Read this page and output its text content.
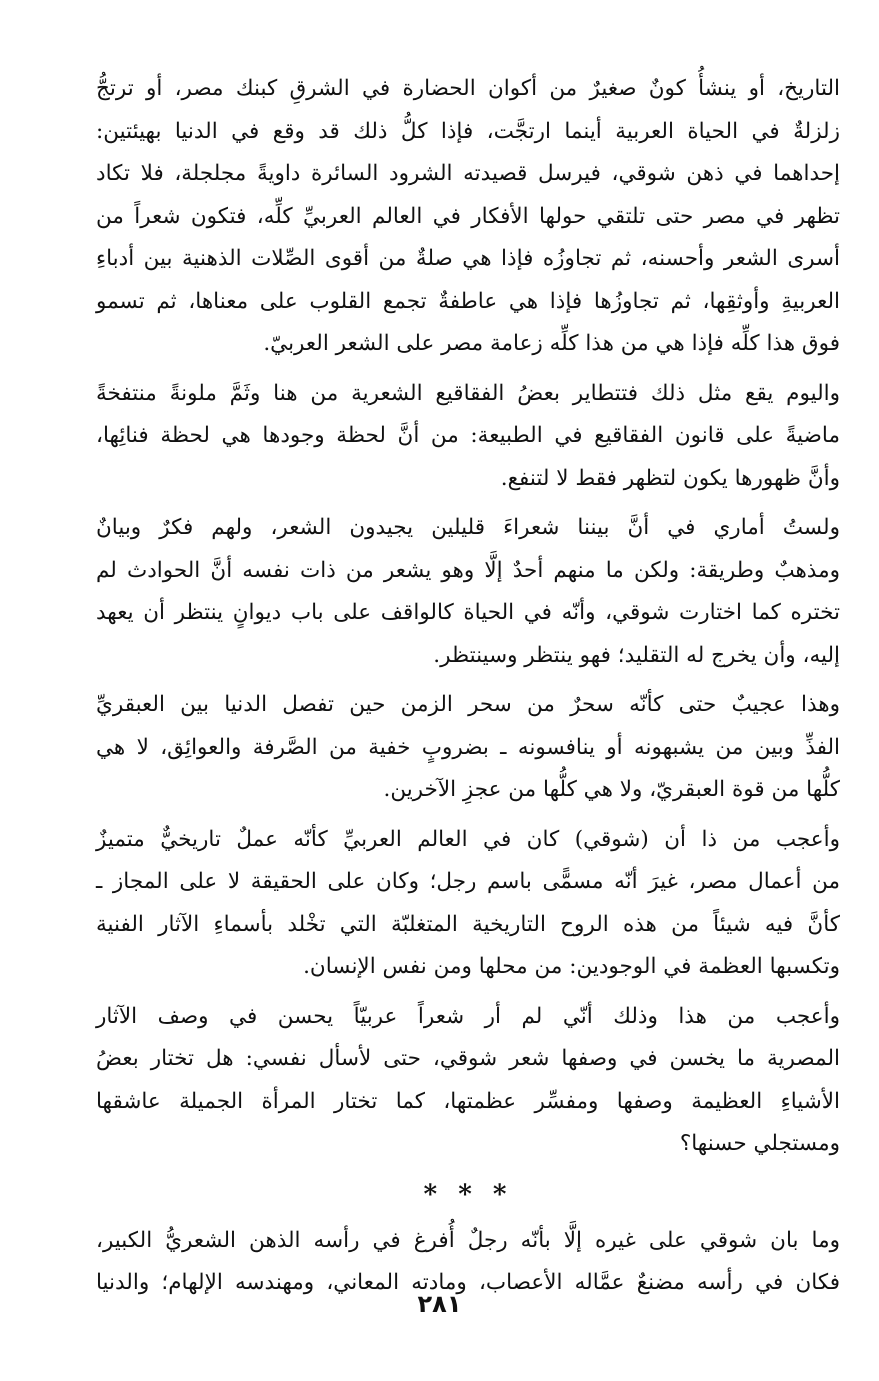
التاريخ، أو ينشأُ كونٌ صغيرٌ من أكوان الحضارة في الشرقِ كبنك مصر، أو ترتجُّ
زلزلةٌ في الحياة العربية أينما ارتجَّت، فإذا كلُّ ذلك قد وقع في الدنيا بهيئتين:
إحداهما في ذهن شوقي، فيرسل قصيدته الشرود السائرة داويةً مجلجلة، فلا تكاد
تظهر في مصر حتى تلتقي حولها الأفكار في العالم العربيِّ كلِّه، فتكون شعراً من
أسرى الشعر وأحسنه، ثم تجاوزُه فإذا هي صلةٌ من أقوى الصِّلات الذهنية بين أدباءِ
العربيةِ وأوثقِها، ثم تجاوزُها فإذا هي عاطفةٌ تجمع القلوب على معناها، ثم تسمو
فوق هذا كلِّه فإذا هي من هذا كلِّه زعامة مصر على الشعر العربيّ.

واليوم يقع مثل ذلك فتتطاير بعضُ الفقاقيع الشعرية من هنا وثَمَّ ملونةً منتفخةً
ماضيةً على قانون الفقاقيع في الطبيعة: من أنَّ لحظة وجودها هي لحظة فنائِها،
وأنَّ ظهورها يكون لتظهر فقط لا لتنفع.

ولستُ أماري في أنَّ بيننا شعراءَ قليلين يجيدون الشعر، ولهم فكرٌ وبيانٌ
ومذهبٌ وطريقة: ولكن ما منهم أحدٌ إلَّا وهو يشعر من ذات نفسه أنَّ الحوادث لم
تختره كما اختارت شوقي، وأنّه في الحياة كالواقف على باب ديوانٍ ينتظر أن يعهد
إليه، وأن يخرج له التقليد؛ فهو ينتظر وسينتظر.

وهذا عجيبٌ حتى كأنّه سحرٌ من سحر الزمن حين تفصل الدنيا بين العبقريِّ
الفذِّ وبين من يشبهونه أو ينافسونه ـ بضروبٍ خفية من الصَّرفة والعوائِق، لا هي
كلُّها من قوة العبقريّ، ولا هي كلُّها من عجزِ الآخرين.

وأعجب من ذا أن (شوقي) كان في العالم العربيِّ كأنّه عملٌ تاريخيٌّ متميزٌ
من أعمال مصر، غيرَ أنّه مسمًّى باسم رجل؛ وكان على الحقيقة لا على المجاز ـ
كأنَّ فيه شيئاً من هذه الروح التاريخية المتغلبّة التي تخْلد بأسماءِ الآثار الفنية
وتكسبها العظمة في الوجودين: من محلها ومن نفس الإنسان.

وأعجب من هذا وذلك أنّي لم أر شعراً عربيّاً يحسن في وصف الآثار
المصرية ما يخسن في وصفها شعر شوقي، حتى لأسأل نفسي: هل تختار بعضُ
الأشياءِ العظيمة وصفها ومفسِّر عظمتها، كما تختار المرأة الجميلة عاشقها
ومستجلي حسنها؟

* * *

وما بان شوقي على غيره إلَّا بأنّه رجلٌ أُفرغ في رأسه الذهن الشعريُّ الكبير،
فكان في رأسه مضنعٌ عمَّاله الأعصاب، ومادته المعاني، ومهندسه الإلهام؛ والدنيا

٢٨١
